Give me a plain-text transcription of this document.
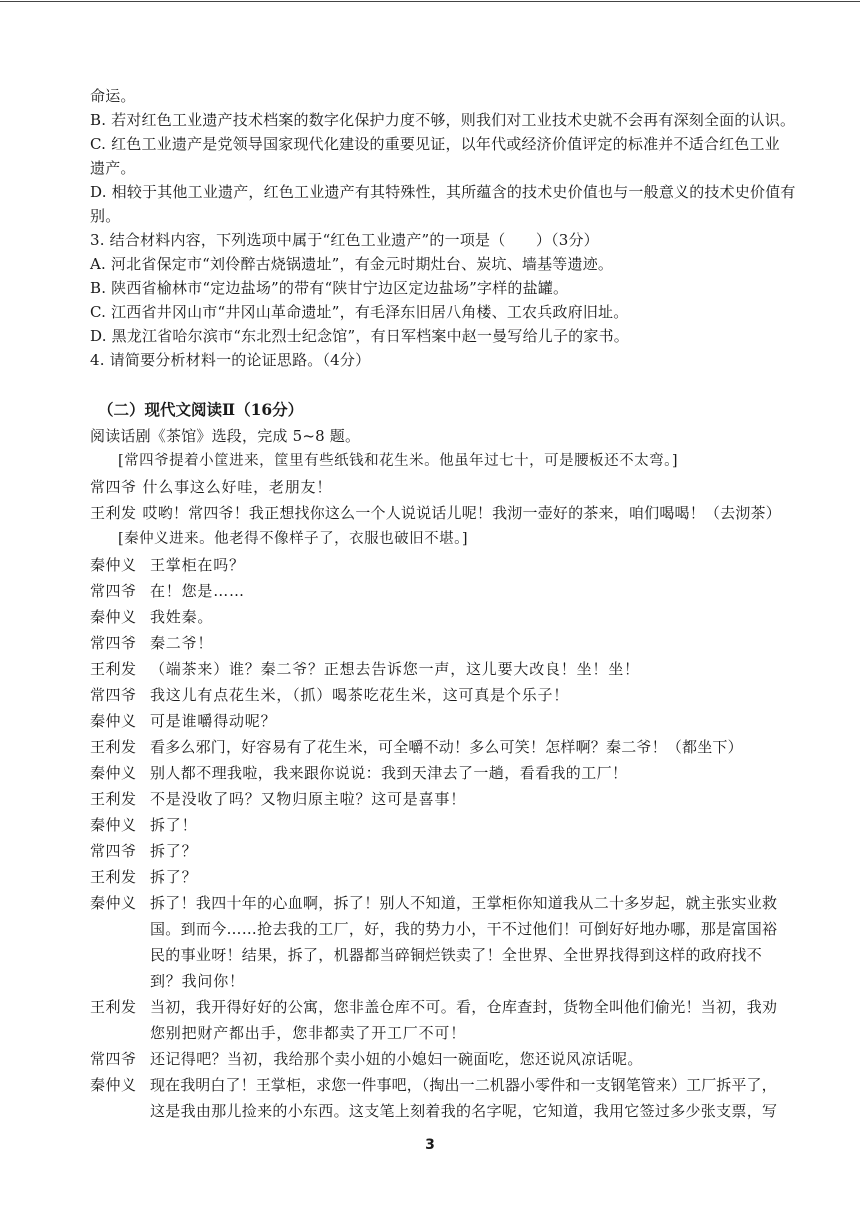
命运。

B. 若对红色工业遗产技术档案的数字化保护力度不够，则我们对工业技术史就不会再有深刻全面的认识。

C. 红色工业遗产是党领导国家现代化建设的重要见证，以年代或经济价值评定的标准并不适合红色工业

遗产。

D. 相较于其他工业遗产，红色工业遗产有其特殊性，其所蕴含的技术史价值也与一般意义的技术史价值有

别。

3. 结合材料内容，下列选项中属于“红色工业遗产”的一项是（　　）（3分）

A. 河北省保定市“刘伶醉古烧锅遗址”，有金元时期灶台、炭坑、墙基等遗迹。

B. 陕西省榆林市“定边盐场”的带有“陕甘宁边区定边盐场”字样的盐罐。

C. 江西省井冈山市“井冈山革命遗址”，有毛泽东旧居八角楼、工农兵政府旧址。

D. 黑龙江省哈尔滨市“东北烈士纪念馆”，有日军档案中赵一曼写给儿子的家书。

4. 请简要分析材料一的论证思路。（4分）

（二）现代文阅读Ⅱ（16分）

阅读话剧《茶馆》选段，完成 5~8 题。

[常四爷提着小筐进来，筐里有些纸钱和花生米。他虽年过七十，可是腰板还不太弯。]

常四爷 什么事这么好哇，老朋友！
王利发 哎哟！常四爷！我正想找你这么一个人说说话儿呢！我沏一壶好的茶来，咱们喝喝！（去沏茶）

[秦仲义进来。他老得不像样子了，衣服也破旧不堪。]

秦仲义 王掌柜在吗？
常四爷 在！您是……
秦仲义 我姓秦。
常四爷 秦二爷！
王利发 （端茶来）谁？秦二爷？正想去告诉您一声，这儿要大改良！坐！坐！
常四爷 我这儿有点花生米，（抓）喝茶吃花生米，这可真是个乐子！
秦仲义 可是谁嚼得动呢？
王利发 看多么邪门，好容易有了花生米，可全嚼不动！多么可笑！怎样啊？秦二爷！（都坐下）
秦仲义 别人都不理我啦，我来跟你说说：我到天津去了一趟，看看我的工厂！
王利发 不是没收了吗？又物归原主啦？这可是喜事！
秦仲义 拆了！
常四爷 拆了？
王利发 拆了？
秦仲义 拆了！我四十年的心血啊，拆了！别人不知道，王掌柜你知道我从二十多岁起，就主张实业救
国。到而今……抢去我的工厂，好，我的势力小，干不过他们！可倒好好地办哪，那是富国裕
民的事业呀！结果，拆了，机器都当碎铜烂铁卖了！全世界、全世界找得到这样的政府找不
到？我问你！
王利发 当初，我开得好好的公寓，您非盖仓库不可。看，仓库查封，货物全叫他们偷光！当初，我劝
您别把财产都出手，您非都卖了开工厂不可！
常四爷 还记得吧？当初，我给那个卖小妞的小媳妇一碗面吃，您还说风凉话呢。
秦仲义 现在我明白了！王掌柜，求您一件事吧，（掏出一二机器小零件和一支钢笔管来）工厂拆平了，
这是我由那儿捡来的小东西。这支笔上刻着我的名字呢，它知道，我用它签过多少张支票，写
3
